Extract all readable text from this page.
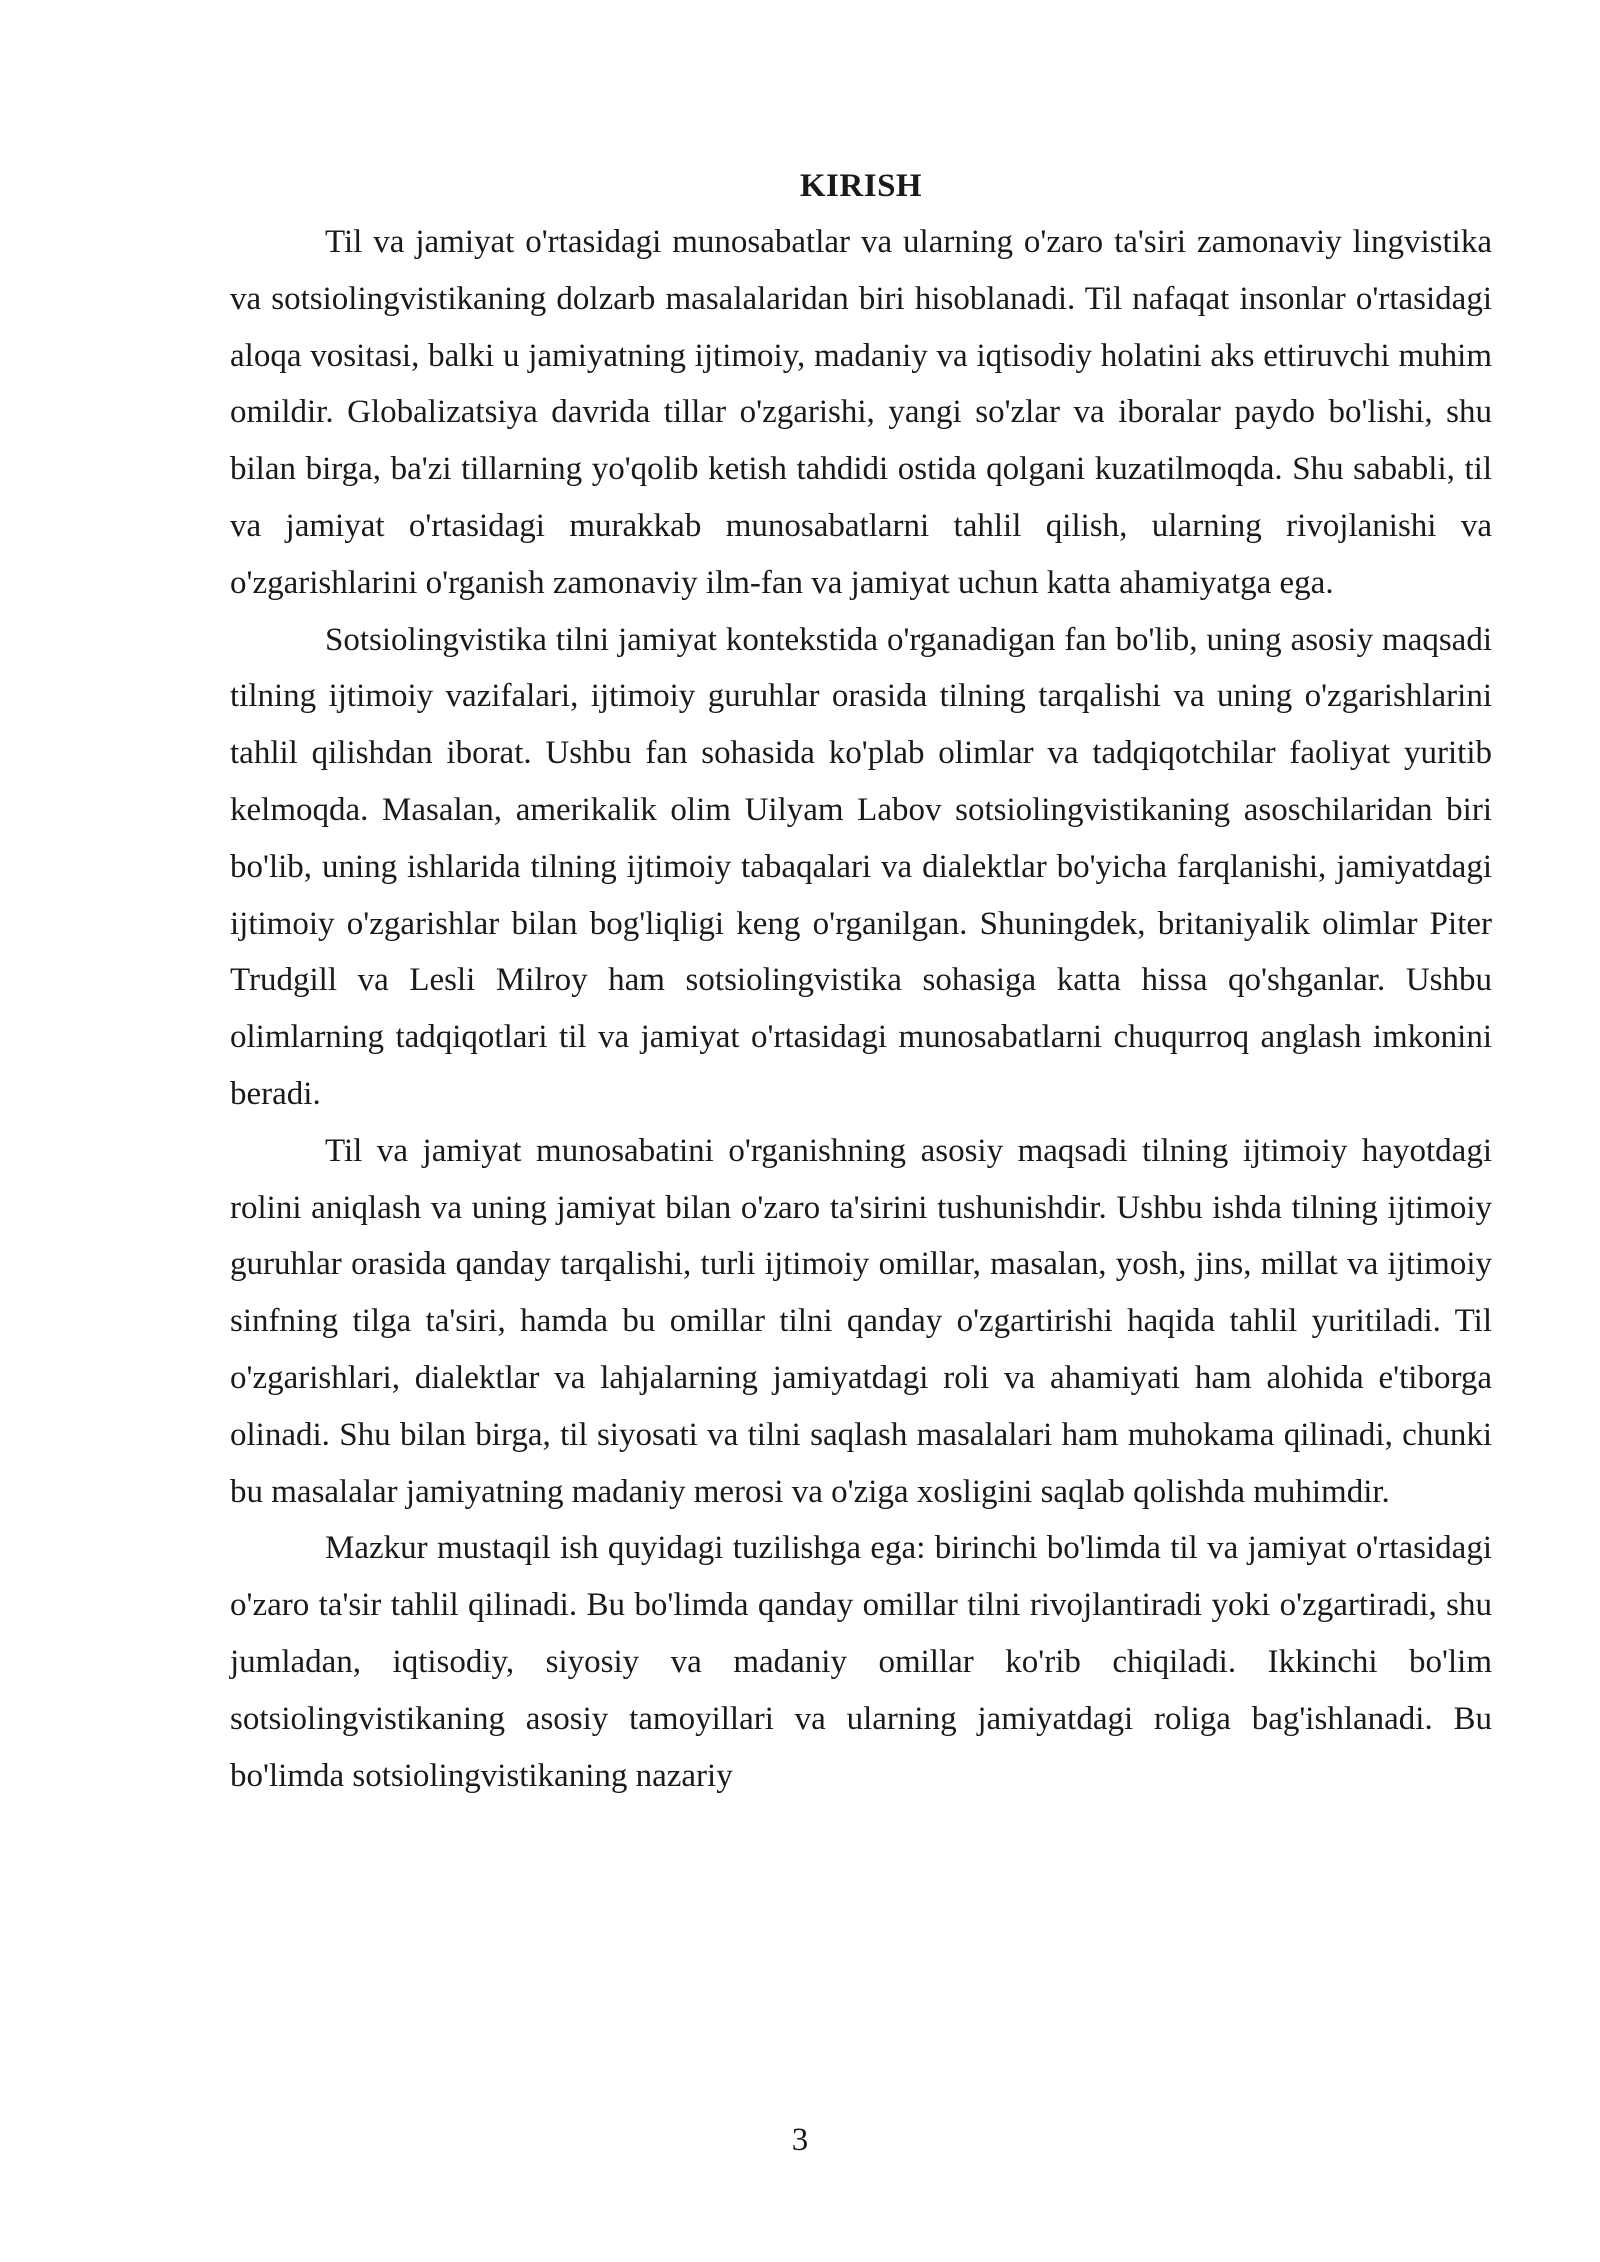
KIRISH

Til va jamiyat o'rtasidagi munosabatlar va ularning o'zaro ta'siri zamonaviy lingvistika va sotsiolingvistikaning dolzarb masalalaridan biri hisoblanadi. Til nafaqat insonlar o'rtasidagi aloqa vositasi, balki u jamiyatning ijtimoiy, madaniy va iqtisodiy holatini aks ettiruvchi muhim omildir. Globalizatsiya davrida tillar o'zgarishi, yangi so'zlar va iboralar paydo bo'lishi, shu bilan birga, ba'zi tillarning yo'qolib ketish tahdidi ostida qolgani kuzatilmoqda. Shu sababli, til va jamiyat o'rtasidagi murakkab munosabatlarni tahlil qilish, ularning rivojlanishi va o'zgarishlarini o'rganish zamonaviy ilm-fan va jamiyat uchun katta ahamiyatga ega.

Sotsiolingvistika tilni jamiyat kontekstida o'rganadigan fan bo'lib, uning asosiy maqsadi tilning ijtimoiy vazifalari, ijtimoiy guruhlar orasida tilning tarqalishi va uning o'zgarishlarini tahlil qilishdan iborat. Ushbu fan sohasida ko'plab olimlar va tadqiqotchilar faoliyat yuritib kelmoqda. Masalan, amerikalik olim Uilyam Labov sotsiolingvistikaning asoschilaridan biri bo'lib, uning ishlarida tilning ijtimoiy tabaqalari va dialektlar bo'yicha farqlanishi, jamiyatdagi ijtimoiy o'zgarishlar bilan bog'liqligi keng o'rganilgan. Shuningdek, britaniyalik olimlar Piter Trudgill va Lesli Milroy ham sotsiolingvistika sohasiga katta hissa qo'shganlar. Ushbu olimlarning tadqiqotlari til va jamiyat o'rtasidagi munosabatlarni chuqurroq anglash imkonini beradi.

Til va jamiyat munosabatini o'rganishning asosiy maqsadi tilning ijtimoiy hayotdagi rolini aniqlash va uning jamiyat bilan o'zaro ta'sirini tushunishdir. Ushbu ishda tilning ijtimoiy guruhlar orasida qanday tarqalishi, turli ijtimoiy omillar, masalan, yosh, jins, millat va ijtimoiy sinfning tilga ta'siri, hamda bu omillar tilni qanday o'zgartirishi haqida tahlil yuritiladi. Til o'zgarishlari, dialektlar va lahjalarning jamiyatdagi roli va ahamiyati ham alohida e'tiborga olinadi. Shu bilan birga, til siyosati va tilni saqlash masalalari ham muhokama qilinadi, chunki bu masalalar jamiyatning madaniy merosi va o'ziga xosligini saqlab qolishda muhimdir.

Mazkur mustaqil ish quyidagi tuzilishga ega: birinchi bo'limda til va jamiyat o'rtasidagi o'zaro ta'sir tahlil qilinadi. Bu bo'limda qanday omillar tilni rivojlantiradi yoki o'zgartiradi, shu jumladan, iqtisodiy, siyosiy va madaniy omillar ko'rib chiqiladi. Ikkinchi bo'lim sotsiolingvistikaning asosiy tamoyillari va ularning jamiyatdagi roliga bag'ishlanadi. Bu bo'limda sotsiolingvistikaning nazariy

3
